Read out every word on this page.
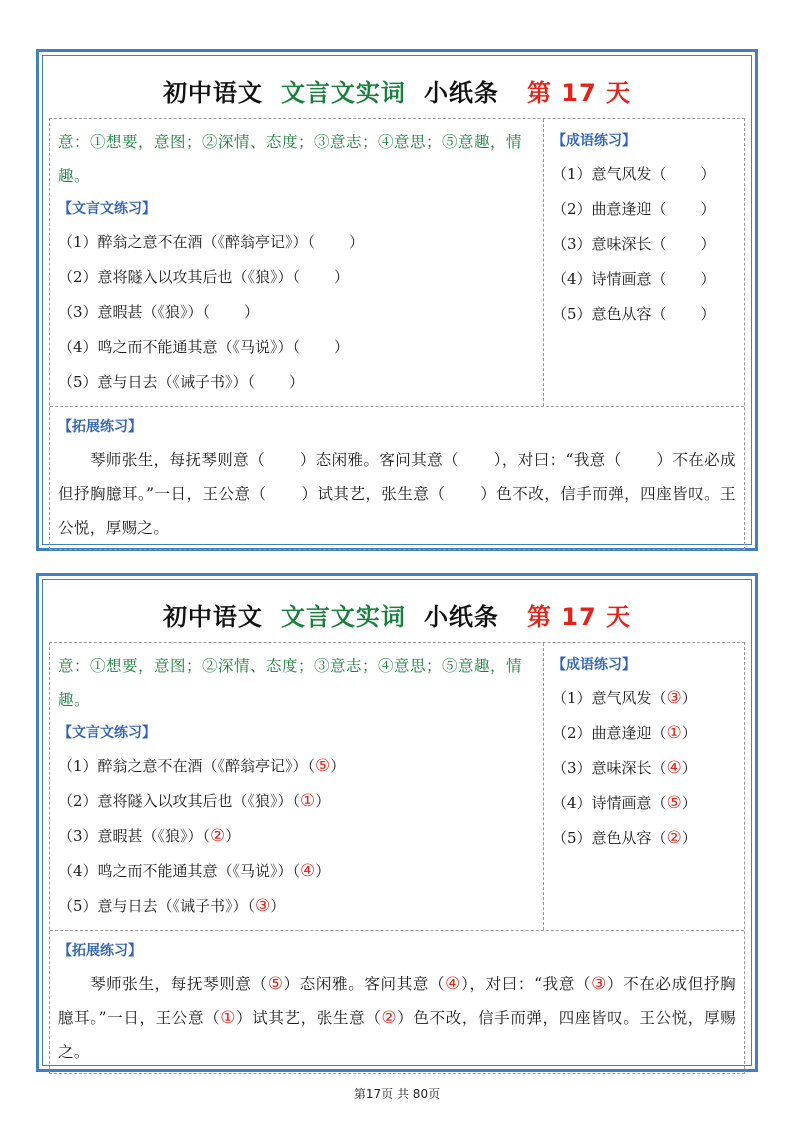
初中语文 文言文实词 小纸条 第 17 天
意：①想要，意图；②深情、态度；③意志；④意思；⑤意趣，情趣。
【文言文练习】
（1）醉翁之意不在酒（《醉翁亭记》）（　　 ）
（2）意将隧入以攻其后也（《狼》）（　　 ）
（3）意暇甚（《狼》）（　　 ）
（4）鸣之而不能通其意（《马说》）（　　 ）
（5）意与日去（《诫子书》）（　　 ）
【成语练习】
（1）意气风发（　　 ）
（2）曲意逢迎（　　 ）
（3）意味深长（　　 ）
（4）诗情画意（　　 ）
（5）意色从容（　　 ）
【拓展练习】
琴师张生，每抚琴则意（　　 ）态闲雅。客问其意（　　 ），对曰：“我意（　　 ）不在必成但抒胸臆耳。”一日，王公意（　　 ）试其艺，张生意（　　 ）色不改，信手而弹，四座皆叹。王公悦，厚赐之。
初中语文 文言文实词 小纸条 第 17 天
意：①想要，意图；②深情、态度；③意志；④意思；⑤意趣，情趣。
【文言文练习】
（1）醉翁之意不在酒（《醉翁亭记》）（⑤）
（2）意将隧入以攻其后也（《狼》）（①）
（3）意暇甚（《狼》）（②）
（4）鸣之而不能通其意（《马说》）（④）
（5）意与日去（《诫子书》）（③）
【成语练习】
（1）意气风发（③）
（2）曲意逢迎（①）
（3）意味深长（④）
（4）诗情画意（⑤）
（5）意色从容（②）
【拓展练习】
琴师张生，每抚琴则意（⑤）态闲雅。客问其意（④），对曰：“我意（③）不在必成但抒胸臆耳。”一日，王公意（①）试其艺，张生意（②）色不改，信手而弹，四座皆叹。王公悦，厚赐之。
第17页 共 80页
